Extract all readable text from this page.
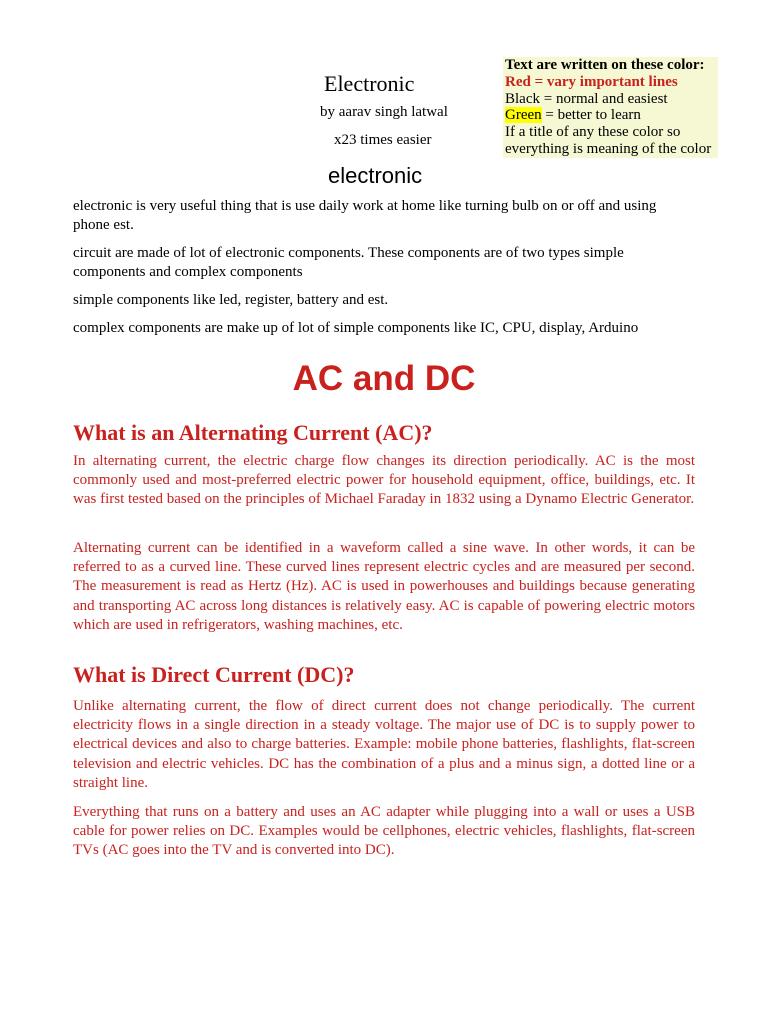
Text are written on these color:
Red = vary important lines
Black = normal and easiest
Green = better to learn
If a title of any these color so
everything is meaning of the color
Electronic
by aarav singh latwal
x23 times easier
electronic

electronic is very useful thing that is use daily work at home like turning bulb on or off and using phone est.

circuit are made of lot of electronic components. These components are of two types simple components and complex components

simple components like led, register, battery and est.

complex components are make up of lot of simple components like IC, CPU, display, Arduino

AC and DC
What is an Alternating Current (AC)?

In alternating current, the electric charge flow changes its direction periodically. AC is the most commonly used and most-preferred electric power for household equipment, office, buildings, etc. It was first tested based on the principles of Michael Faraday in 1832 using a Dynamo Electric Generator.

Alternating current can be identified in a waveform called a sine wave. In other words, it can be referred to as a curved line. These curved lines represent electric cycles and are measured per second. The measurement is read as Hertz (Hz). AC is used in powerhouses and buildings because generating and transporting AC across long distances is relatively easy. AC is capable of powering electric motors which are used in refrigerators, washing machines, etc.

What is Direct Current (DC)?

Unlike alternating current, the flow of direct current does not change periodically. The current electricity flows in a single direction in a steady voltage. The major use of DC is to supply power to electrical devices and also to charge batteries. Example: mobile phone batteries, flashlights, flat-screen television and electric vehicles. DC has the combination of a plus and a minus sign, a dotted line or a straight line.

Everything that runs on a battery and uses an AC adapter while plugging into a wall or uses a USB cable for power relies on DC. Examples would be cellphones, electric vehicles, flashlights, flat-screen TVs (AC goes into the TV and is converted into DC).
